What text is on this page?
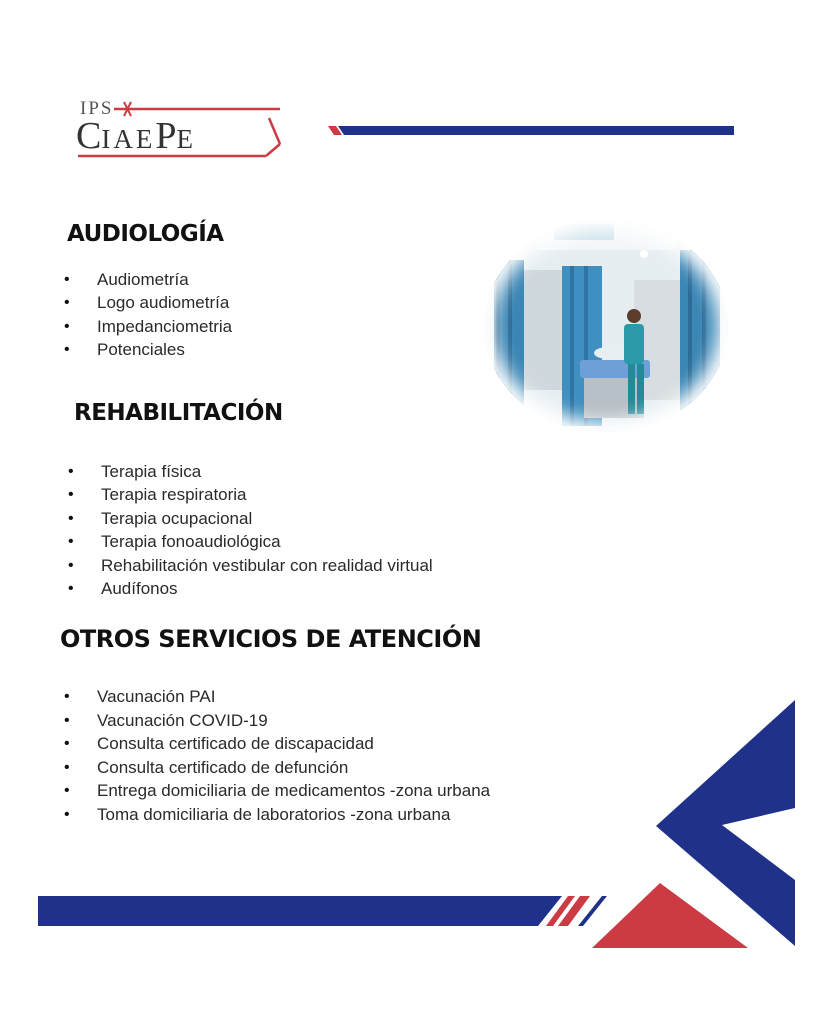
IPS
CIAEPE
AUDIOLOGÍA
• Audiometría
• Logo audiometría
• Impedanciometria
• Potenciales
REHABILITACIÓN
• Terapia física
• Terapia respiratoria
• Terapia ocupacional
• Terapia fonoaudiológica
• Rehabilitación vestibular con realidad virtual
• Audífonos
OTROS SERVICIOS DE ATENCIÓN
• Vacunación PAI
• Vacunación COVID-19
• Consulta certificado de discapacidad
• Consulta certificado de defunción
• Entrega domiciliaria de medicamentos -zona urbana
• Toma domiciliaria de laboratorios -zona urbana
